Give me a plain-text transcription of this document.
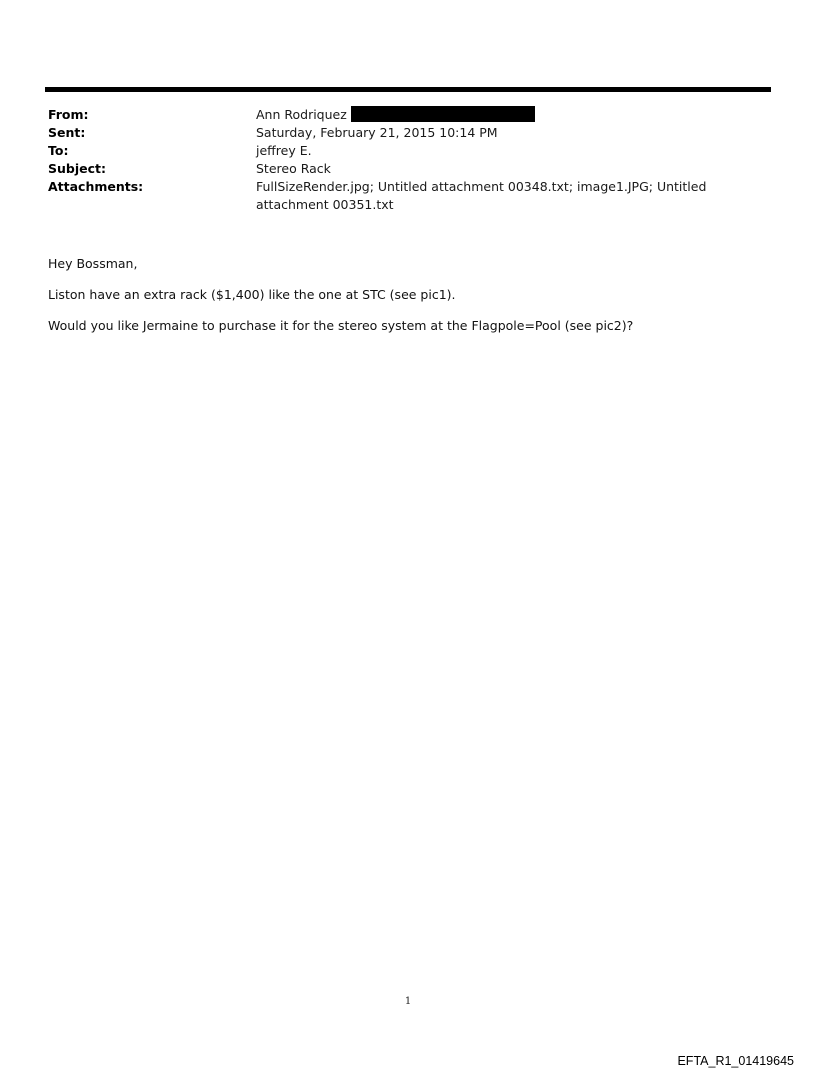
From:	Ann Rodriquez
Sent:	Saturday, February 21, 2015 10:14 PM
To:	jeffrey E.
Subject:	Stereo Rack
Attachments:	FullSizeRender.jpg; Untitled attachment 00348.txt; image1.JPG; Untitled attachment 00351.txt

Hey Bossman,

Liston have an extra rack ($1,400) like the one at STC (see pic1).

Would you like Jermaine to purchase it for the stereo system at the Flagpole=Pool (see pic2)?

1
EFTA_R1_01419645
